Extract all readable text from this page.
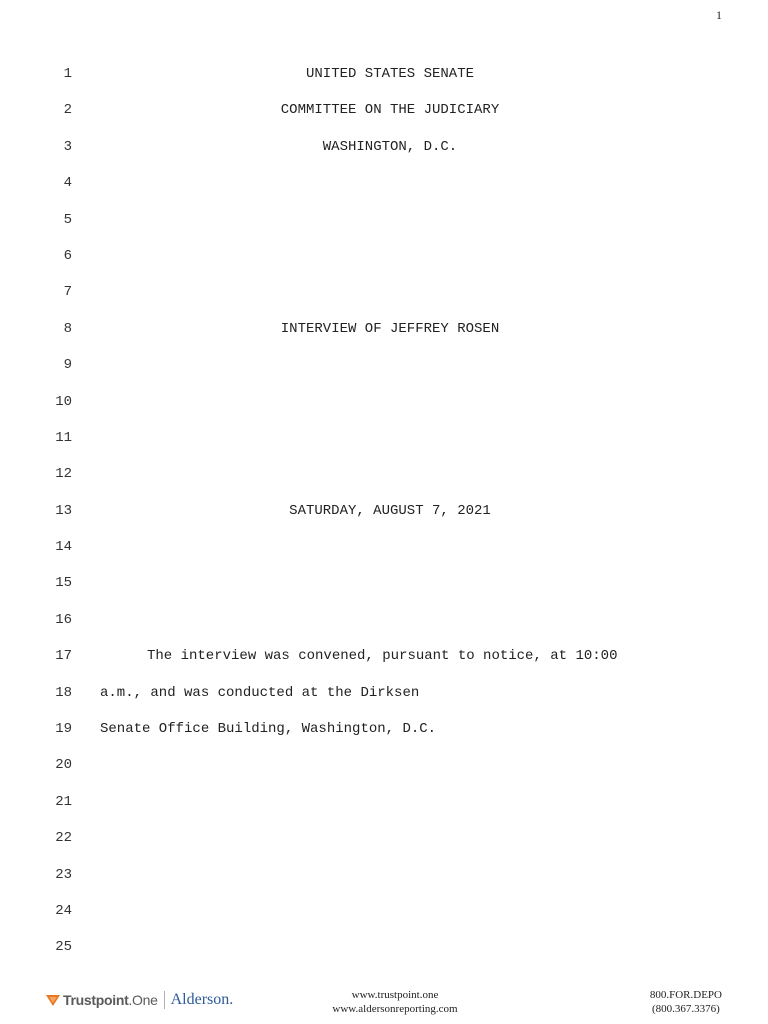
1
1	UNITED STATES SENATE
2	COMMITTEE ON THE JUDICIARY
3	WASHINGTON, D.C.
4
5
6
7
8	INTERVIEW OF JEFFREY ROSEN
9
10
11
12
13	SATURDAY, AUGUST 7, 2021
14
15
16
17	The interview was convened, pursuant to notice, at 10:00
18 a.m., and was conducted at the Dirksen
19 Senate Office Building, Washington, D.C.
20
21
22
23
24
25
Trustpoint .One Alderson.	www.trustpoint.one
www.aldersonreporting.com
800.FOR.DEPO
(800.367.3376)
